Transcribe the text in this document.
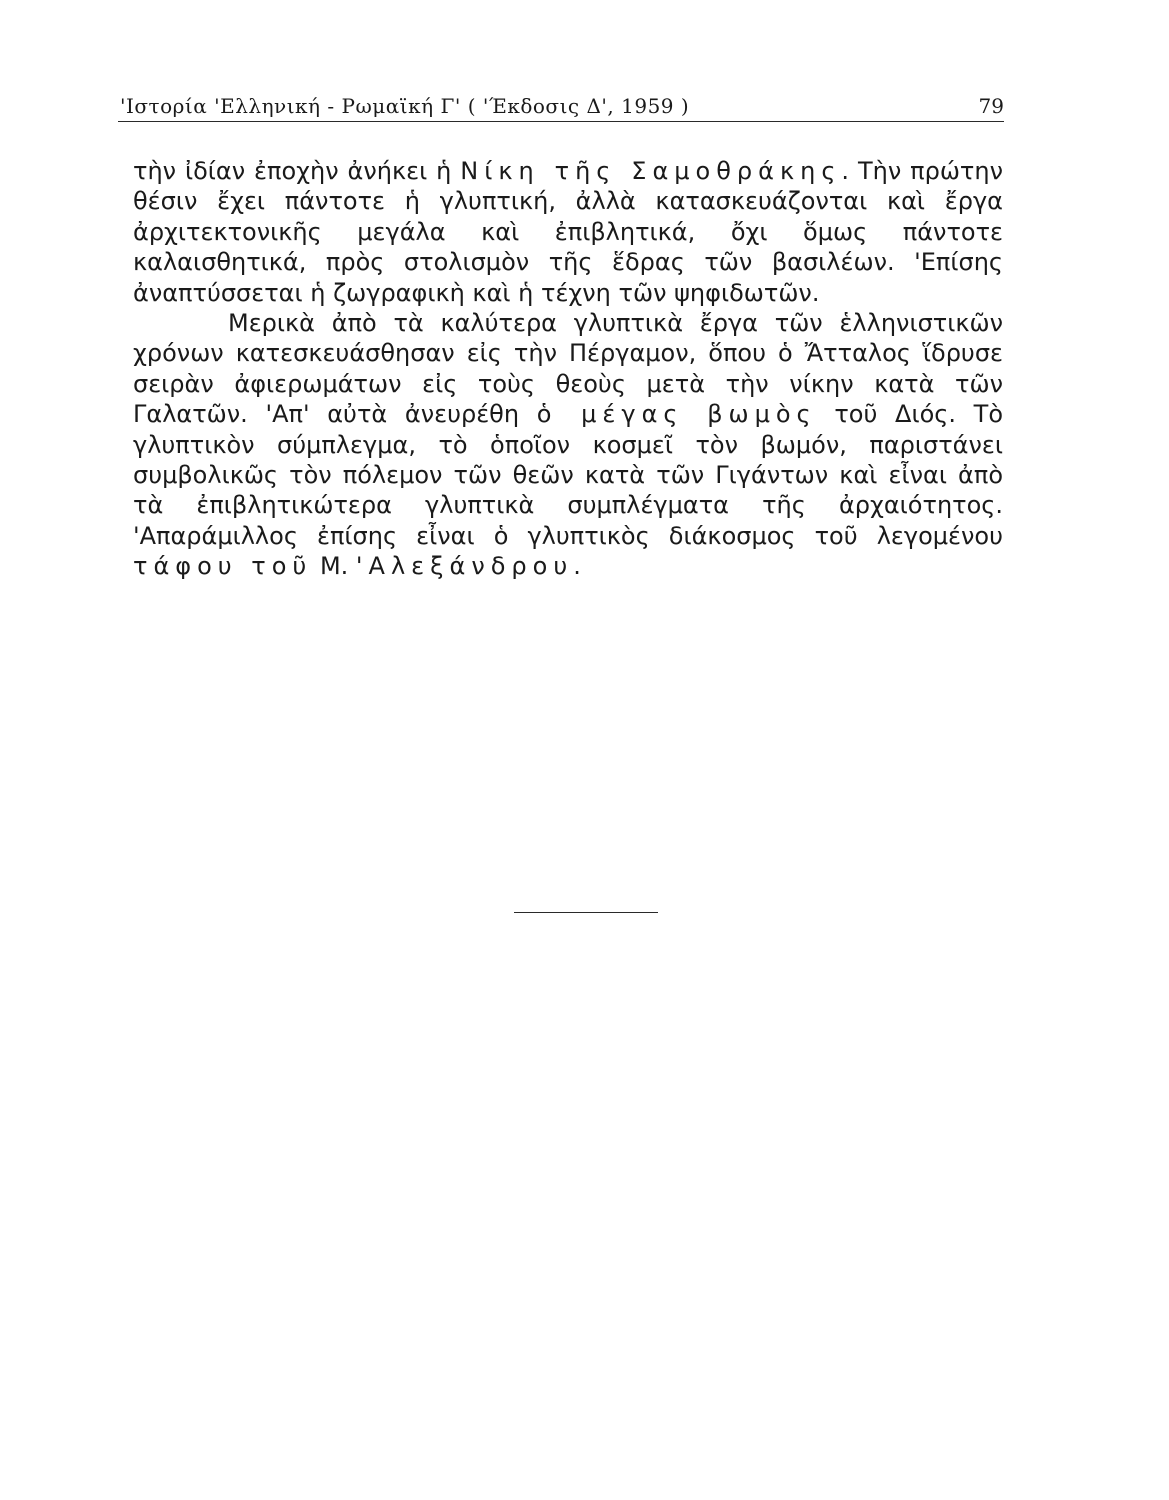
'Ιστορία 'Ελληνική - Ρωμαϊκή Γ' ( 'Έκδοσις Δ', 1959 )	79

τὴν ἰδίαν ἐποχὴν ἀνήκει ἡ Νίκη τῆς Σαμοθράκης. Τὴν πρώτην θέσιν ἔχει πάντοτε ἡ γλυπτική, ἀλλὰ κατασκευάζονται καὶ ἔργα ἀρχιτεκτονικῆς μεγάλα καὶ ἐπιβλητικά, ὄχι ὅμως πάντοτε καλαισθητικά, πρὸς στολισμὸν τῆς ἕδρας τῶν βασιλέων. 'Επίσης ἀναπτύσσεται ἡ ζωγραφικὴ καὶ ἡ τέχνη τῶν ψηφιδωτῶν.

Μερικὰ ἀπὸ τὰ καλύτερα γλυπτικὰ ἔργα τῶν ἑλληνιστικῶν χρόνων κατεσκευάσθησαν εἰς τὴν Πέργαμον, ὅπου ὁ Ἄτταλος ἵδρυσε σειρὰν ἀφιερωμάτων εἰς τοὺς θεοὺς μετὰ τὴν νίκην κατὰ τῶν Γαλατῶν. 'Απ' αὐτὰ ἀνευρέθη ὁ μέγας βωμὸς τοῦ Διός. Τὸ γλυπτικὸν σύμπλεγμα, τὸ ὁποῖον κοσμεῖ τὸν βωμόν, παριστάνει συμβολικῶς τὸν πόλεμον τῶν θεῶν κατὰ τῶν Γιγάντων καὶ εἶναι ἀπὸ τὰ ἐπιβλητικώτερα γλυπτικὰ συμπλέγματα τῆς ἀρχαιότητος. 'Απαράμιλλος ἐπίσης εἶναι ὁ γλυπτικὸς διάκοσμος τοῦ λεγομένου τάφου τοῦ Μ. 'Αλεξάνδρου.
